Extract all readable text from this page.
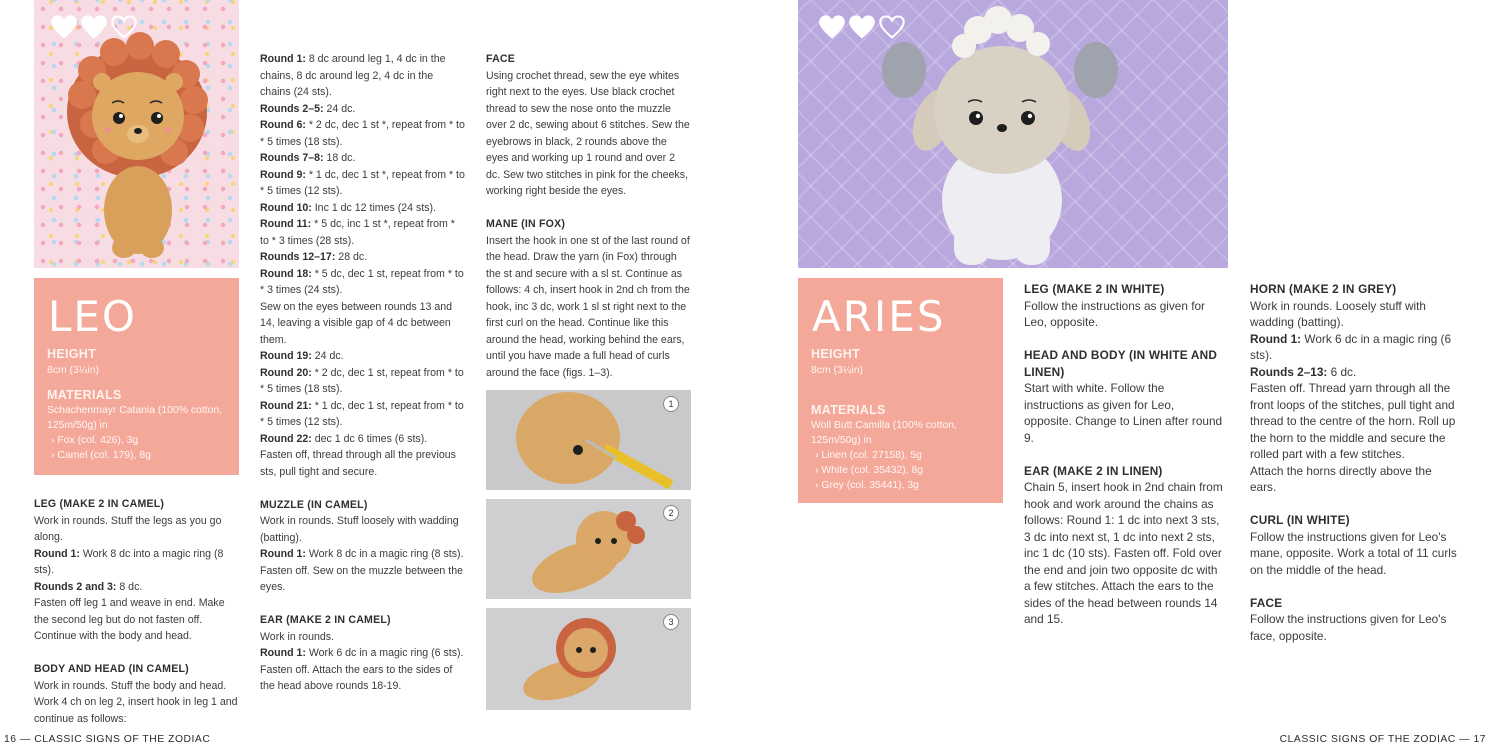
LEO
HEIGHT
8cm (3¼in)
MATERIALS
Schachenmayr Catania (100% cotton, 125m/50g) in
› Fox (col. 426), 3g
› Camel (col. 179), 8g

LEG (MAKE 2 IN CAMEL)

Work in rounds. Stuff the legs as you go along.

Round 1: Work 8 dc into a magic ring (8 sts).

Rounds 2 and 3: 8 dc.

Fasten off leg 1 and weave in end. Make the second leg but do not fasten off. Continue with the body and head.

BODY AND HEAD (IN CAMEL)

Work in rounds. Stuff the body and head. Work 4 ch on leg 2, insert hook in leg 1 and continue as follows:

Round 1: 8 dc around leg 1, 4 dc in the chains, 8 dc around leg 2, 4 dc in the chains (24 sts).

Rounds 2–5: 24 dc.

Round 6: * 2 dc, dec 1 st *, repeat from * to * 5 times (18 sts).

Rounds 7–8: 18 dc.

Round 9: * 1 dc, dec 1 st *, repeat from * to * 5 times (12 sts).

Round 10: Inc 1 dc 12 times (24 sts).

Round 11: * 5 dc, inc 1 st *, repeat from * to * 3 times (28 sts).

Rounds 12–17: 28 dc.

Round 18: * 5 dc, dec 1 st, repeat from * to * 3 times (24 sts).

Sew on the eyes between rounds 13 and 14, leaving a visible gap of 4 dc between them.

Round 19: 24 dc.

Round 20: * 2 dc, dec 1 st, repeat from * to * 5 times (18 sts).

Round 21: * 1 dc, dec 1 st, repeat from * to * 5 times (12 sts).

Round 22: dec 1 dc 6 times (6 sts).

Fasten off, thread through all the previous sts, pull tight and secure.

MUZZLE (IN CAMEL)

Work in rounds. Stuff loosely with wadding (batting).

Round 1: Work 8 dc in a magic ring (8 sts). Fasten off. Sew on the muzzle between the eyes.

EAR (MAKE 2 IN CAMEL)

Work in rounds.

Round 1: Work 6 dc in a magic ring (6 sts). Fasten off. Attach the ears to the sides of the head above rounds 18-19.

FACE

Using crochet thread, sew the eye whites right next to the eyes. Use black crochet thread to sew the nose onto the muzzle over 2 dc, sewing about 6 stitches. Sew the eyebrows in black, 2 rounds above the eyes and working up 1 round and over 2 dc. Sew two stitches in pink for the cheeks, working right beside the eyes.

MANE (IN FOX)

Insert the hook in one st of the last round of the head. Draw the yarn (in Fox) through the st and secure with a sl st. Continue as follows: 4 ch, insert hook in 2nd ch from the hook, inc 3 dc, work 1 sl st right next to the first curl on the head. Continue like this around the head, working behind the ears, until you have made a full head of curls around the face (figs. 1–3).

1
2
3
ARIES
HEIGHT
8cm (3¼in)
MATERIALS
Woll Butt Camilla (100% cotton, 125m/50g) in
› Linen (col. 27158), 5g
› White (col. 35432), 8g
› Grey (col. 35441), 3g

LEG (MAKE 2 IN WHITE)

Follow the instructions as given for Leo, opposite.

HEAD AND BODY (IN WHITE AND LINEN)

Start with white. Follow the instructions as given for Leo, opposite. Change to Linen after round 9.

EAR (MAKE 2 IN LINEN)

Chain 5, insert hook in 2nd chain from hook and work around the chains as follows: Round 1: 1 dc into next 3 sts, 3 dc into next st, 1 dc into next 2 sts, inc 1 dc (10 sts). Fasten off. Fold over the end and join two opposite dc with a few stitches. Attach the ears to the sides of the head between rounds 14 and 15.

HORN (MAKE 2 IN GREY)

Work in rounds. Loosely stuff with wadding (batting).

Round 1: Work 6 dc in a magic ring (6 sts).

Rounds 2–13: 6 dc.

Fasten off. Thread yarn through all the front loops of the stitches, pull tight and thread to the centre of the horn. Roll up the horn to the middle and secure the rolled part with a few stitches.

Attach the horns directly above the ears.

CURL (IN WHITE)

Follow the instructions given for Leo's mane, opposite. Work a total of 11 curls on the middle of the head.

FACE

Follow the instructions given for Leo's face, opposite.

16 — CLASSIC SIGNS OF THE ZODIAC	CLASSIC SIGNS OF THE ZODIAC — 17
